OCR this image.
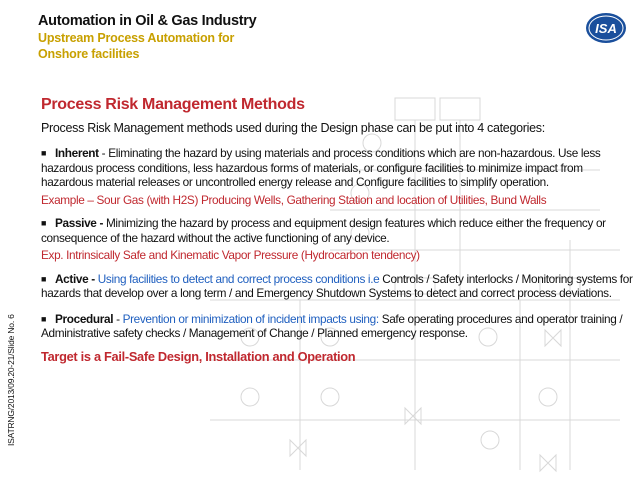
Automation in Oil & Gas Industry
Upstream Process Automation for
Onshore facilities
ISA
ISATRNG/2013/09.20-21/Slide No. 6
Process Risk Management Methods
Process Risk Management methods used during the Design phase can be put into 4 categories:
■ Inherent - Eliminating the hazard by using materials and process conditions which are non-hazardous. Use less hazardous process conditions, less hazardous forms of materials, or configure facilities to minimize impact from hazardous material releases or uncontrolled energy release and Configure facilities to simplify operation.
Example – Sour Gas (with H2S) Producing Wells, Gathering Station and location of Utilities, Bund Walls
■ Passive - Minimizing the hazard by process and equipment design features which reduce either the frequency or consequence of the hazard without the active functioning of any device.
Exp. Intrinsically Safe and Kinematic Vapor Pressure (Hydrocarbon tendency)
■ Active - Using facilities to detect and correct process conditions i.e Controls / Safety interlocks / Monitoring systems for hazards that develop over a long term / and Emergency Shutdown Systems to detect and correct process deviations.
■ Procedural - Prevention or minimization of incident impacts using: Safe operating procedures and operator training / Administrative safety checks / Management of Change / Planned emergency response.
Target is a Fail-Safe Design, Installation and Operation
